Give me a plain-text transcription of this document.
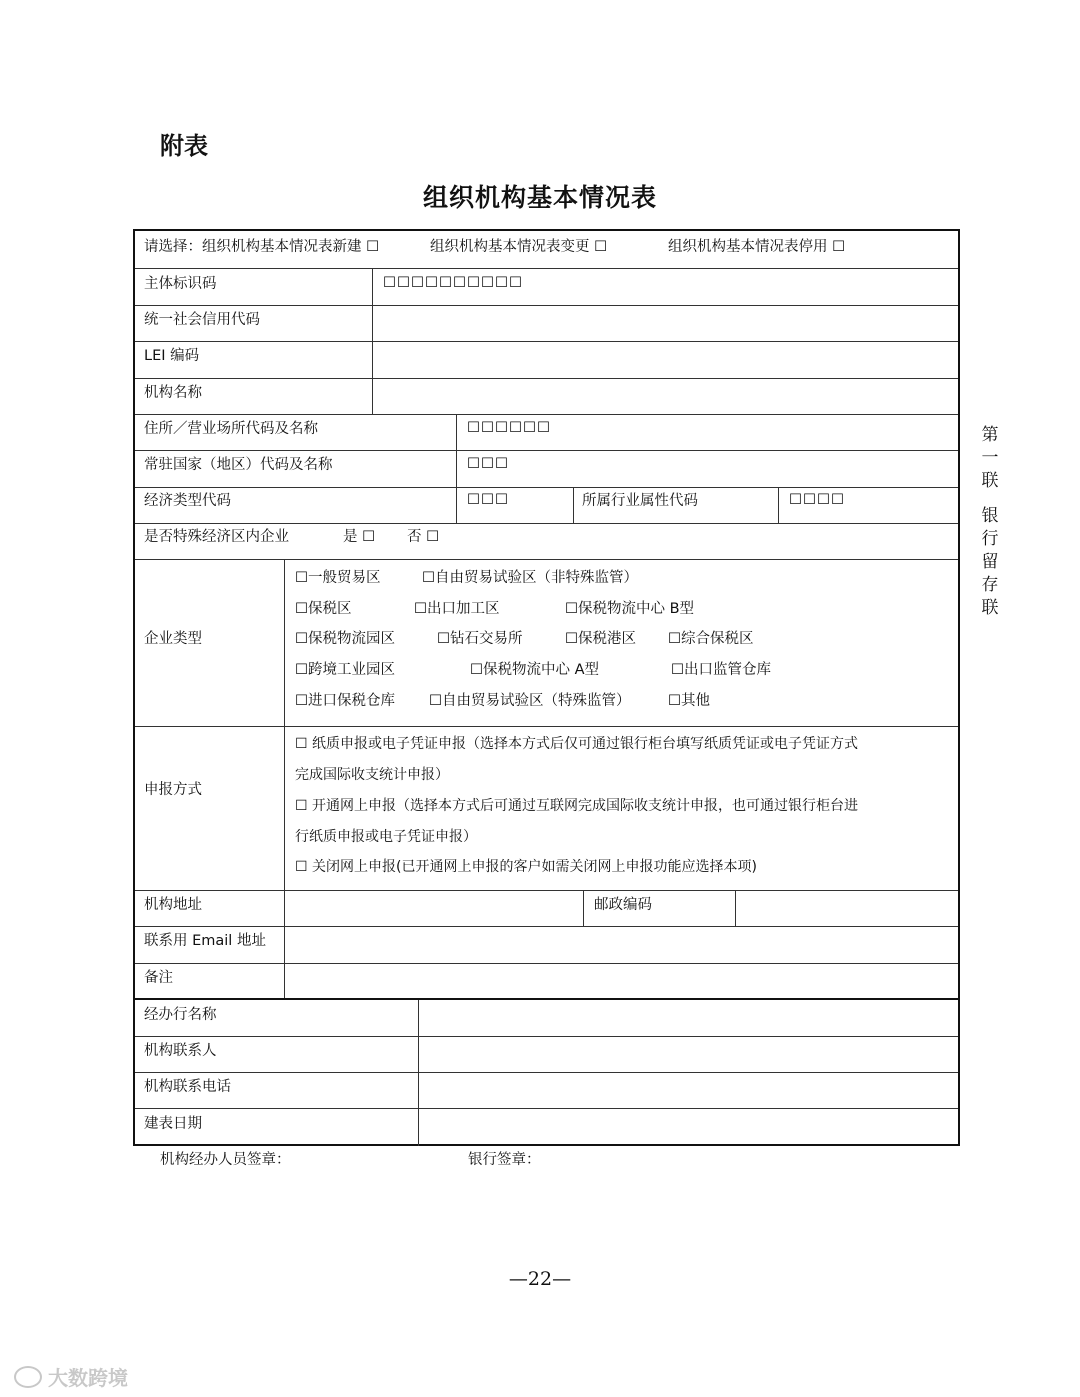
附表
组织机构基本情况表
请选择：组织机构基本情况表新建 ☐	组织机构基本情况表变更 ☐	组织机构基本情况表停用 ☐
主体标识码	☐☐☐☐☐☐☐☐☐☐
统一社会信用代码
LEI 编码
机构名称
住所／营业场所代码及名称	☐☐☐☐☐☐
常驻国家（地区）代码及名称	☐☐☐
经济类型代码	☐☐☐	所属行业属性代码	☐☐☐☐
是否特殊经济区内企业	是 ☐ 否 ☐
企业类型
☐一般贸易区	☐自由贸易试验区（非特殊监管）
☐保税区	☐出口加工区	☐保税物流中心 B型
☐保税物流园区	☐钻石交易所	☐保税港区 ☐综合保税区
☐跨境工业园区	☐保税物流中心 A型	☐出口监管仓库
☐进口保税仓库 ☐自由贸易试验区（特殊监管）	☐其他
申报方式
☐ 纸质申报或电子凭证申报（选择本方式后仅可通过银行柜台填写纸质凭证或电子凭证方式
完成国际收支统计申报）
☐ 开通网上申报（选择本方式后可通过互联网完成国际收支统计申报，也可通过银行柜台进
行纸质申报或电子凭证申报）
☐ 关闭网上申报(已开通网上申报的客户如需关闭网上申报功能应选择本项)
机构地址	邮政编码
联系用 Email 地址
备注
经办行名称
机构联系人
机构联系电话
建表日期
机构经办人员签章：	银行签章：
第
一
联
银
行
留
存
联
—22—
大数跨境
